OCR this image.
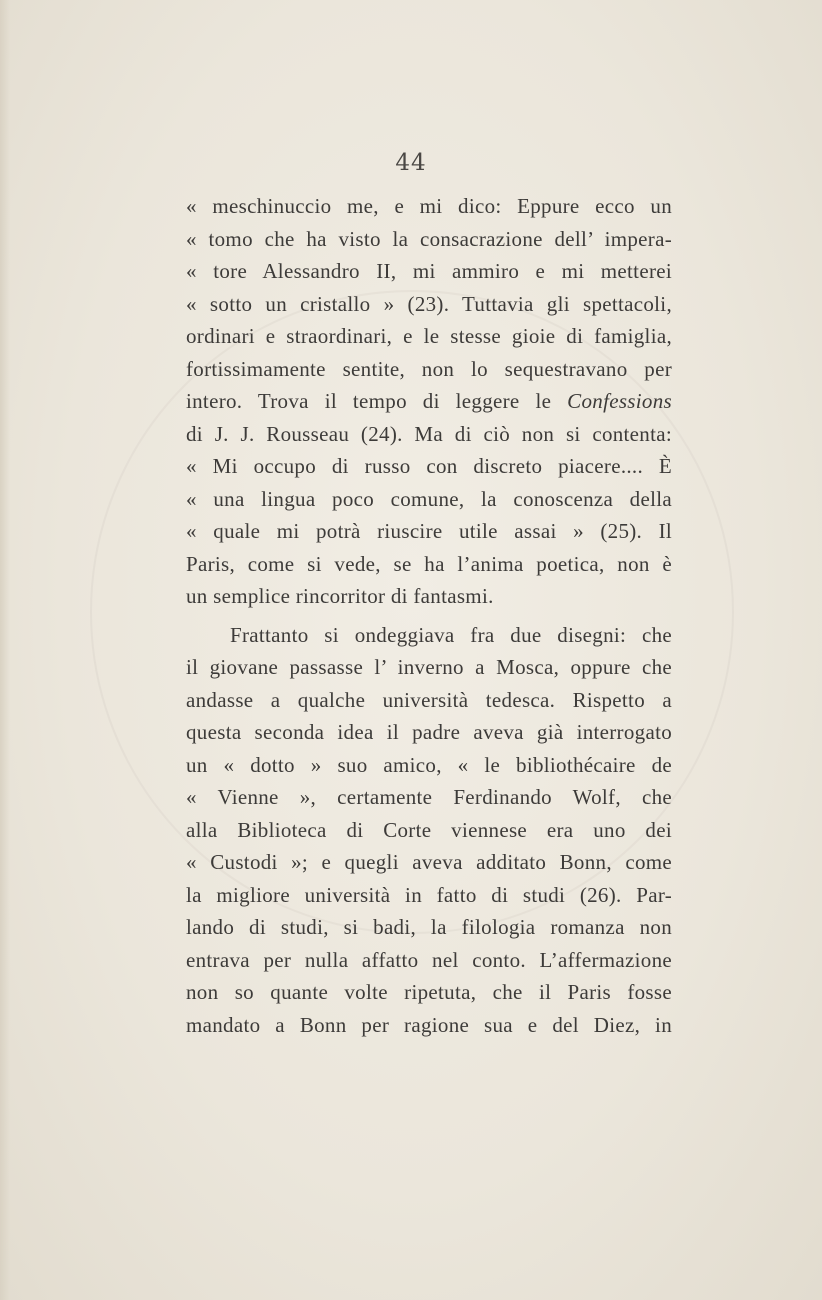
44
« meschinuccio me, e mi dico: Eppure ecco un
« tomo che ha visto la consacrazione dell’ impera-
« tore Alessandro II, mi ammiro e mi metterei
« sotto un cristallo » (23). Tuttavia gli spettacoli,
ordinari e straordinari, e le stesse gioie di famiglia,
fortissimamente sentite, non lo sequestravano per
intero. Trova il tempo di leggere le Confessions
di J. J. Rousseau (24). Ma di ciò non si contenta:
« Mi occupo di russo con discreto piacere.... È
« una lingua poco comune, la conoscenza della
« quale mi potrà riuscire utile assai » (25). Il
Paris, come si vede, se ha l’anima poetica, non è
un semplice rincorritor di fantasmi.
Frattanto si ondeggiava fra due disegni: che
il giovane passasse l’ inverno a Mosca, oppure che
andasse a qualche università tedesca. Rispetto a
questa seconda idea il padre aveva già interrogato
un « dotto » suo amico, « le bibliothécaire de
« Vienne », certamente Ferdinando Wolf, che
alla Biblioteca di Corte viennese era uno dei
« Custodi »; e quegli aveva additato Bonn, come
la migliore università in fatto di studi (26). Par-
lando di studi, si badi, la filologia romanza non
entrava per nulla affatto nel conto. L’affermazione
non so quante volte ripetuta, che il Paris fosse
mandato a Bonn per ragione sua e del Diez, in
